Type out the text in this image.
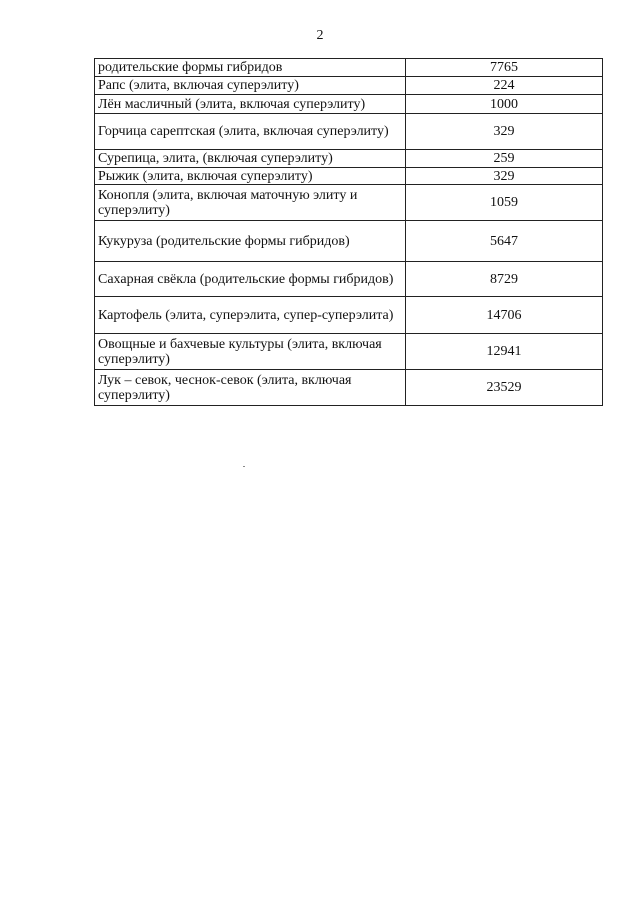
2
родительские формы гибридов	7765
Рапс (элита, включая суперэлиту)	224
Лён масличный (элита, включая суперэлиту)	1000
Горчица сарептская (элита, включая суперэлиту)	329
Сурепица, элита, (включая суперэлиту)	259
Рыжик (элита, включая суперэлиту)	329
Конопля (элита, включая маточную элиту и суперэлиту)	1059
Кукуруза (родительские формы гибридов)	5647
Сахарная свёкла (родительские формы гибридов)	8729
Картофель (элита, суперэлита, супер-суперэлита)	14706
Овощные и бахчевые культуры (элита, включая суперэлиту)	12941
Лук – севок, чеснок-севок (элита, включая суперэлиту)	23529
